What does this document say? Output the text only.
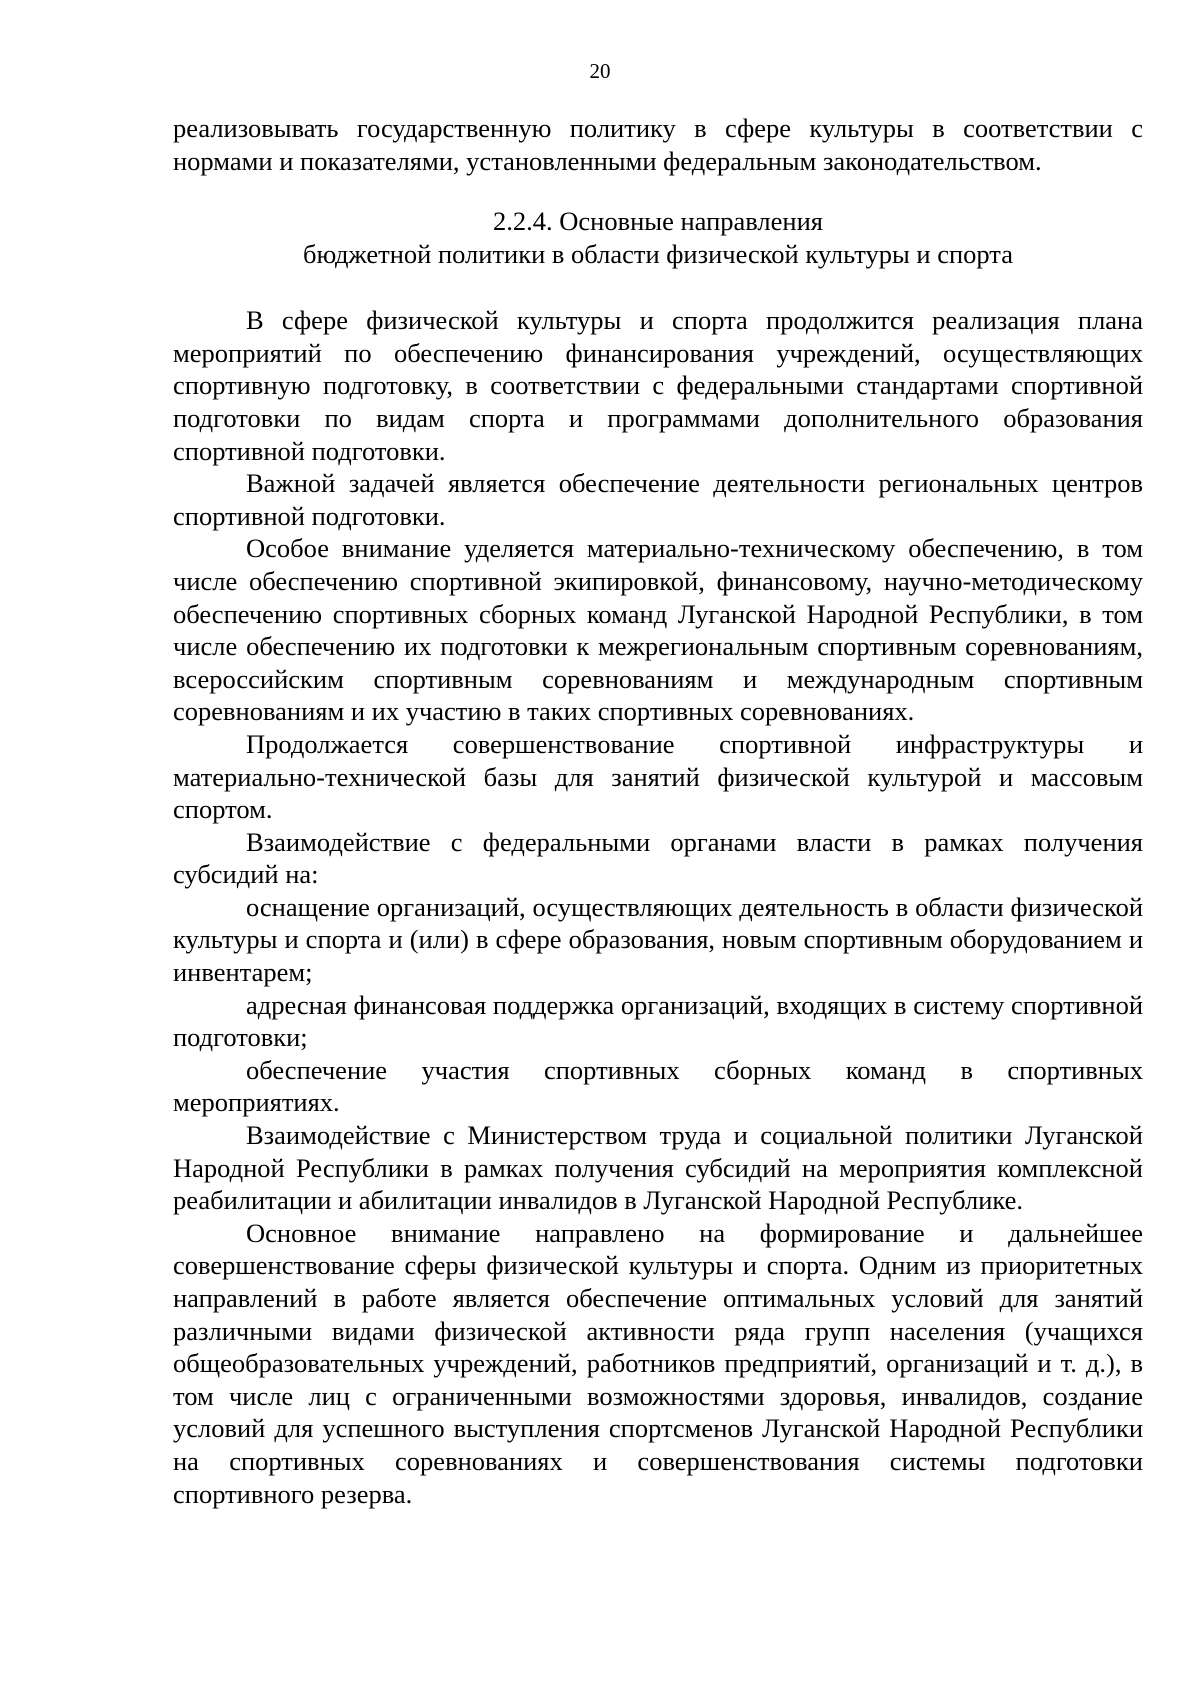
20

реализовывать государственную политику в сфере культуры в соответствии с нормами и показателями, установленными федеральным законодательством.

2.2.4. Основные направления
бюджетной политики в области физической культуры и спорта

В сфере физической культуры и спорта продолжится реализация плана мероприятий по обеспечению финансирования учреждений, осуществляющих спортивную подготовку, в соответствии с федеральными стандартами спортивной подготовки по видам спорта и программами дополнительного образования спортивной подготовки.

Важной задачей является обеспечение деятельности региональных центров спортивной подготовки.

Особое внимание уделяется материально-техническому обеспечению, в том числе обеспечению спортивной экипировкой, финансовому, научно-методическому обеспечению спортивных сборных команд Луганской Народной Республики, в том числе обеспечению их подготовки к межрегиональным спортивным соревнованиям, всероссийским спортивным соревнованиям и международным спортивным соревнованиям и их участию в таких спортивных соревнованиях.

Продолжается совершенствование спортивной инфраструктуры и материально-технической базы для занятий физической культурой и массовым спортом.

Взаимодействие с федеральными органами власти в рамках получения субсидий на:

оснащение организаций, осуществляющих деятельность в области физической культуры и спорта и (или) в сфере образования, новым спортивным оборудованием и инвентарем;

адресная финансовая поддержка организаций, входящих в систему спортивной подготовки;

обеспечение участия спортивных сборных команд в спортивных мероприятиях.

Взаимодействие с Министерством труда и социальной политики Луганской Народной Республики в рамках получения субсидий на мероприятия комплексной реабилитации и абилитации инвалидов в Луганской Народной Республике.

Основное внимание направлено на формирование и дальнейшее совершенствование сферы физической культуры и спорта. Одним из приоритетных направлений в работе является обеспечение оптимальных условий для занятий различными видами физической активности ряда групп населения (учащихся общеобразовательных учреждений, работников предприятий, организаций и т. д.), в том числе лиц с ограниченными возможностями здоровья, инвалидов, создание условий для успешного выступления спортсменов Луганской Народной Республики на спортивных соревнованиях и совершенствования системы подготовки спортивного резерва.
